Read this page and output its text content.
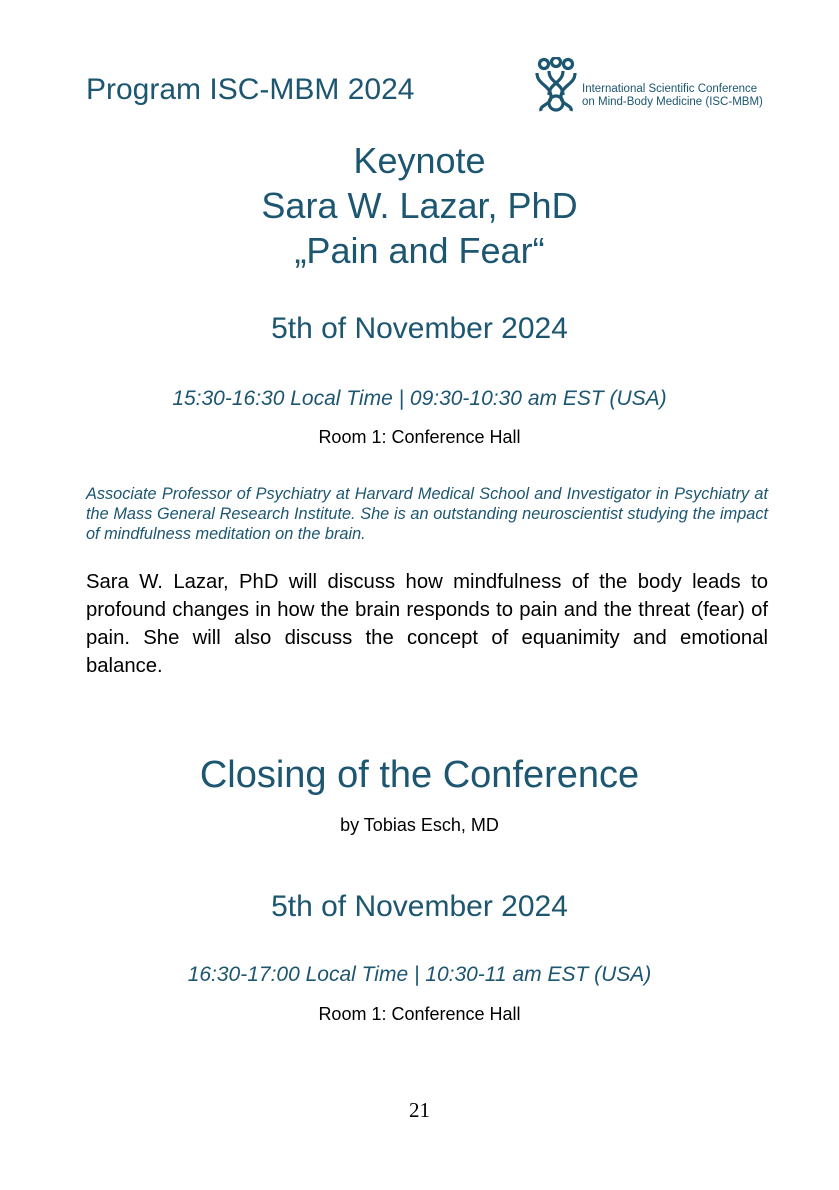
Program ISC-MBM 2024	International Scientific Conference
on Mind-Body Medicine (ISC-MBM)
Keynote
Sara W. Lazar, PhD
„Pain and Fear“
5th of November 2024
15:30-16:30 Local Time | 09:30-10:30 am EST (USA)
Room 1: Conference Hall
Associate Professor of Psychiatry at Harvard Medical School and Investigator in Psychiatry at the Mass General Research Institute. She is an outstanding neuroscientist studying the impact of mindfulness meditation on the brain.
Sara W. Lazar, PhD will discuss how mindfulness of the body leads to profound changes in how the brain responds to pain and the threat (fear) of pain. She will also discuss the concept of equanimity and emotional balance.
Closing of the Conference
by Tobias Esch, MD
5th of November 2024
16:30-17:00 Local Time | 10:30-11 am EST (USA)
Room 1: Conference Hall
21
